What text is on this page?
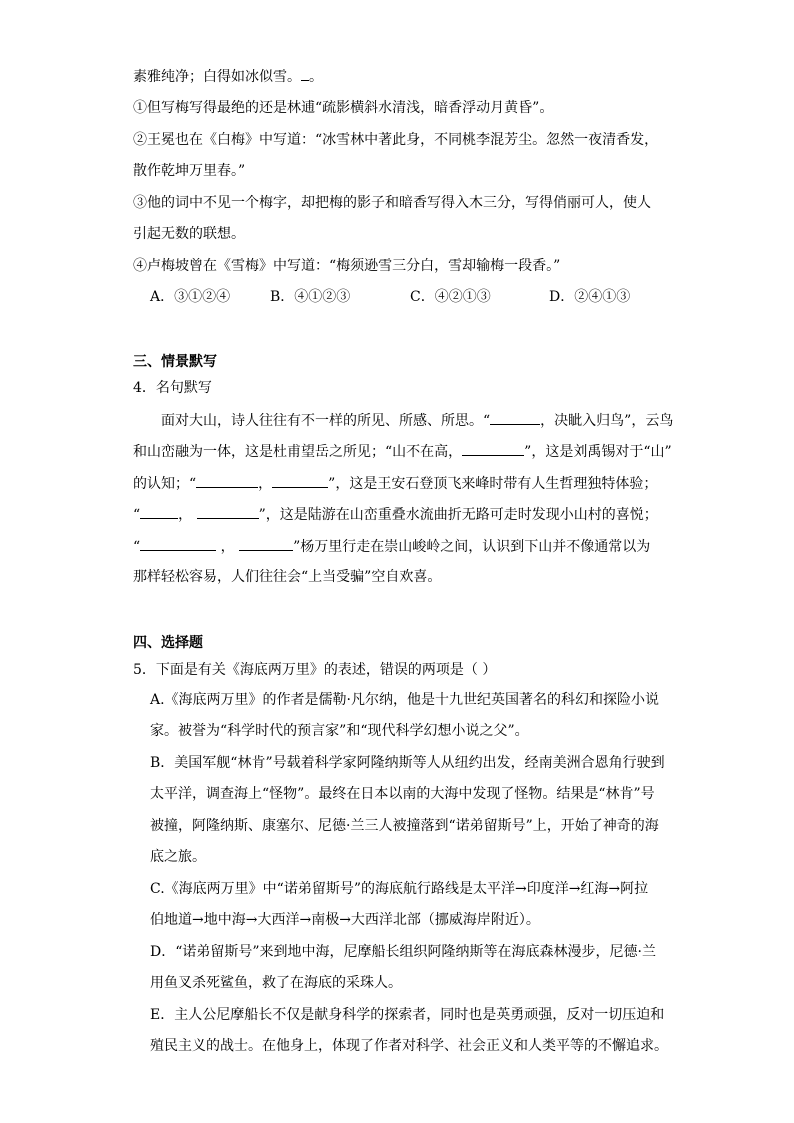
素雅纯净；白得如冰似雪。 。
①但写梅写得最绝的还是林逋“疏影横斜水清浅，暗香浮动月黄昏”。
②王冕也在《白梅》中写道：“冰雪林中著此身，不同桃李混芳尘。忽然一夜清香发，
散作乾坤万里春。”
③他的词中不见一个梅字，却把梅的影子和暗香写得入木三分，写得俏丽可人，使人
引起无数的联想。
④卢梅坡曾在《雪梅》中写道：“梅须逊雪三分白，雪却输梅一段香。”
A．③①②④	B．④①②③	C．④②①③	D．②④①③
三、情景默写
4．名句默写
面对大山，诗人往往有不一样的所见、所感、所思。“	，决眦入归鸟”，云鸟
和山峦融为一体，这是杜甫望岳之所见；“山不在高，	”，这是刘禹锡对于“山”
的认知；“	，	”，这是王安石登顶飞来峰时带有人生哲理独特体验；
“	，	”，这是陆游在山峦重叠水流曲折无路可走时发现小山村的喜悦；
“	，	”杨万里行走在崇山峻岭之间，认识到下山并不像通常以为
那样轻松容易，人们往往会“上当受骗”空自欢喜。
四、选择题
5．下面是有关《海底两万里》的表述，错误的两项是（ ）
A.《海底两万里》的作者是儒勒·凡尔纳，他是十九世纪英国著名的科幻和探险小说
家。被誉为“科学时代的预言家”和“现代科学幻想小说之父”。
B．美国军舰“林肯”号载着科学家阿隆纳斯等人从纽约出发，经南美洲合恩角行驶到
太平洋，调查海上“怪物”。最终在日本以南的大海中发现了怪物。结果是“林肯”号
被撞，阿隆纳斯、康塞尔、尼德·兰三人被撞落到“诺弟留斯号”上，开始了神奇的海
底之旅。
C.《海底两万里》中“诺弟留斯号”的海底航行路线是太平洋→印度洋→红海→阿拉
伯地道→地中海→大西洋→南极→大西洋北部（挪威海岸附近）。
D．“诺弟留斯号”来到地中海，尼摩船长组织阿隆纳斯等在海底森林漫步，尼德·兰
用鱼叉杀死鲨鱼，救了在海底的采珠人。
E．主人公尼摩船长不仅是献身科学的探索者，同时也是英勇顽强，反对一切压迫和
殖民主义的战士。在他身上，体现了作者对科学、社会正义和人类平等的不懈追求。
